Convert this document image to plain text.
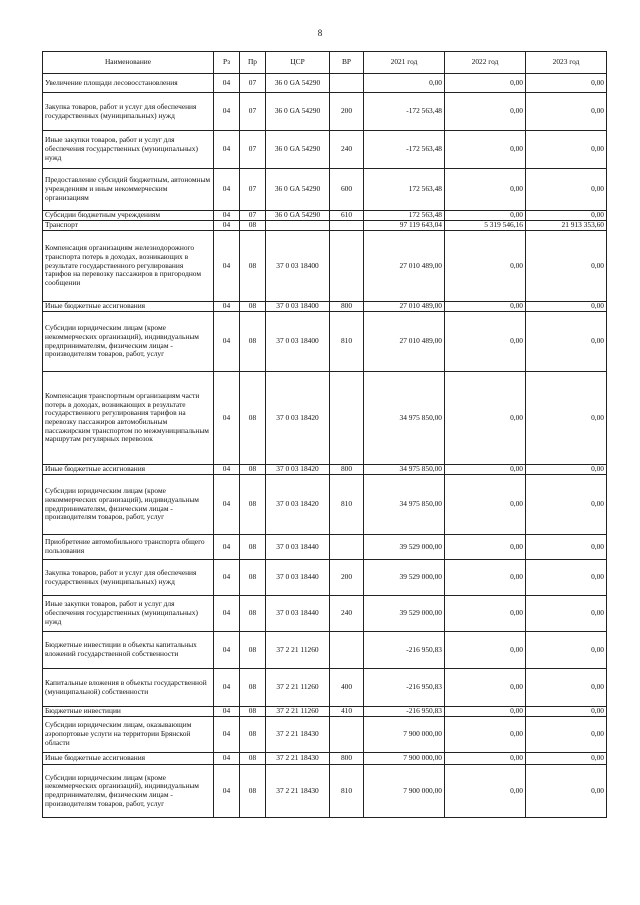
8
Наименование	Рз	Пр	ЦСР	ВР	2021 год	2022 год	2023 год
Увеличение площади лесовосстановления	04	07	36 0 GA 54290		0,00	0,00	0,00
Закупка товаров, работ и услуг для обеспечения государственных (муниципальных) нужд	04	07	36 0 GA 54290	200	-172 563,48	0,00	0,00
Иные закупки товаров, работ и услуг для обеспечения государственных (муниципальных) нужд	04	07	36 0 GA 54290	240	-172 563,48	0,00	0,00
Предоставление субсидий бюджетным, автономным учреждениям и иным некоммерческим организациям	04	07	36 0 GA 54290	600	172 563,48	0,00	0,00
Субсидии бюджетным учреждениям	04	07	36 0 GA 54290	610	172 563,48	0,00	0,00
Транспорт	04	08			97 119 643,04	5 319 546,16	21 913 353,60
Компенсация организациям железнодорожного транспорта потерь в доходах, возникающих в результате государственного регулирования тарифов на перевозку пассажиров в пригородном сообщении	04	08	37 0 03 18400		27 010 489,00	0,00	0,00
Иные бюджетные ассигнования	04	08	37 0 03 18400	800	27 010 489,00	0,00	0,00
Субсидии юридическим лицам (кроме некоммерческих организаций), индивидуальным предпринимателям, физическим лицам - производителям товаров, работ, услуг	04	08	37 0 03 18400	810	27 010 489,00	0,00	0,00
Компенсация транспортным организациям части потерь в доходах, возникающих в результате государственного регулирования тарифов на перевозку пассажиров автомобильным пассажирским транспортом по межмуниципальным маршрутам регулярных перевозок	04	08	37 0 03 18420		34 975 850,00	0,00	0,00
Иные бюджетные ассигнования	04	08	37 0 03 18420	800	34 975 850,00	0,00	0,00
Субсидии юридическим лицам (кроме некоммерческих организаций), индивидуальным предпринимателям, физическим лицам - производителям товаров, работ, услуг	04	08	37 0 03 18420	810	34 975 850,00	0,00	0,00
Приобретение автомобильного транспорта общего пользования	04	08	37 0 03 18440		39 529 000,00	0,00	0,00
Закупка товаров, работ и услуг для обеспечения государственных (муниципальных) нужд	04	08	37 0 03 18440	200	39 529 000,00	0,00	0,00
Иные закупки товаров, работ и услуг для обеспечения государственных (муниципальных) нужд	04	08	37 0 03 18440	240	39 529 000,00	0,00	0,00
Бюджетные инвестиции в объекты капитальных вложений государственной собственности	04	08	37 2 21 11260		-216 950,83	0,00	0,00
Капитальные вложения в объекты государственной (муниципальной) собственности	04	08	37 2 21 11260	400	-216 950,83	0,00	0,00
Бюджетные инвестиции	04	08	37 2 21 11260	410	-216 950,83	0,00	0,00
Субсидии юридическим лицам, оказывающим аэропортовые услуги на территории Брянской области	04	08	37 2 21 18430		7 900 000,00	0,00	0,00
Иные бюджетные ассигнования	04	08	37 2 21 18430	800	7 900 000,00	0,00	0,00
Субсидии юридическим лицам (кроме некоммерческих организаций), индивидуальным предпринимателям, физическим лицам - производителям товаров, работ, услуг	04	08	37 2 21 18430	810	7 900 000,00	0,00	0,00
